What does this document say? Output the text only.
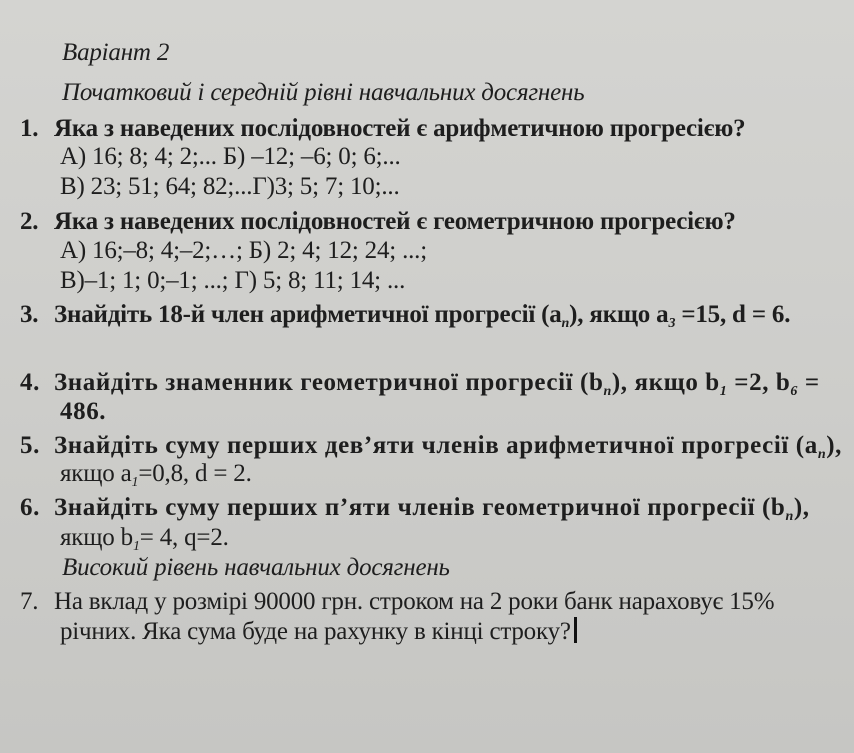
Варіант 2
Початковий і середній рівні навчальних досягнень
1. Яка з наведених послідовностей є арифметичною прогресією?
А) 16; 8; 4; 2;... Б) –12; –6; 0; 6;...
В) 23; 51; 64; 82;...Г)3; 5; 7; 10;...
2. Яка з наведених послідовностей є геометричною прогресією?
А) 16;–8; 4;–2;…; Б) 2; 4; 12; 24; ...;
В)–1; 1; 0;–1; ...; Г) 5; 8; 11; 14; ...
3. Знайдіть 18-й член арифметичної прогресії $(a_n)$, якщо $a_3 =15$, d = 6.
4. Знайдіть знаменник геометричної прогресії $(b_n)$, якщо $b_1 =2$, $b_6$ =
486.
5. Знайдіть суму перших дев’яти членів арифметичної прогресії $(a_n)$,
якщо $a_1=0,8$, d = 2.
6. Знайдіть суму перших п’яти членів геометричної прогресії $(b_n)$,
якщо $b_1= 4$, q=2.
Високий рівень навчальних досягнень
7. На вклад у розмірі 90000 грн. строком на 2 роки банк нараховує 15%
річних. Яка сума буде на рахунку в кінці строку?
